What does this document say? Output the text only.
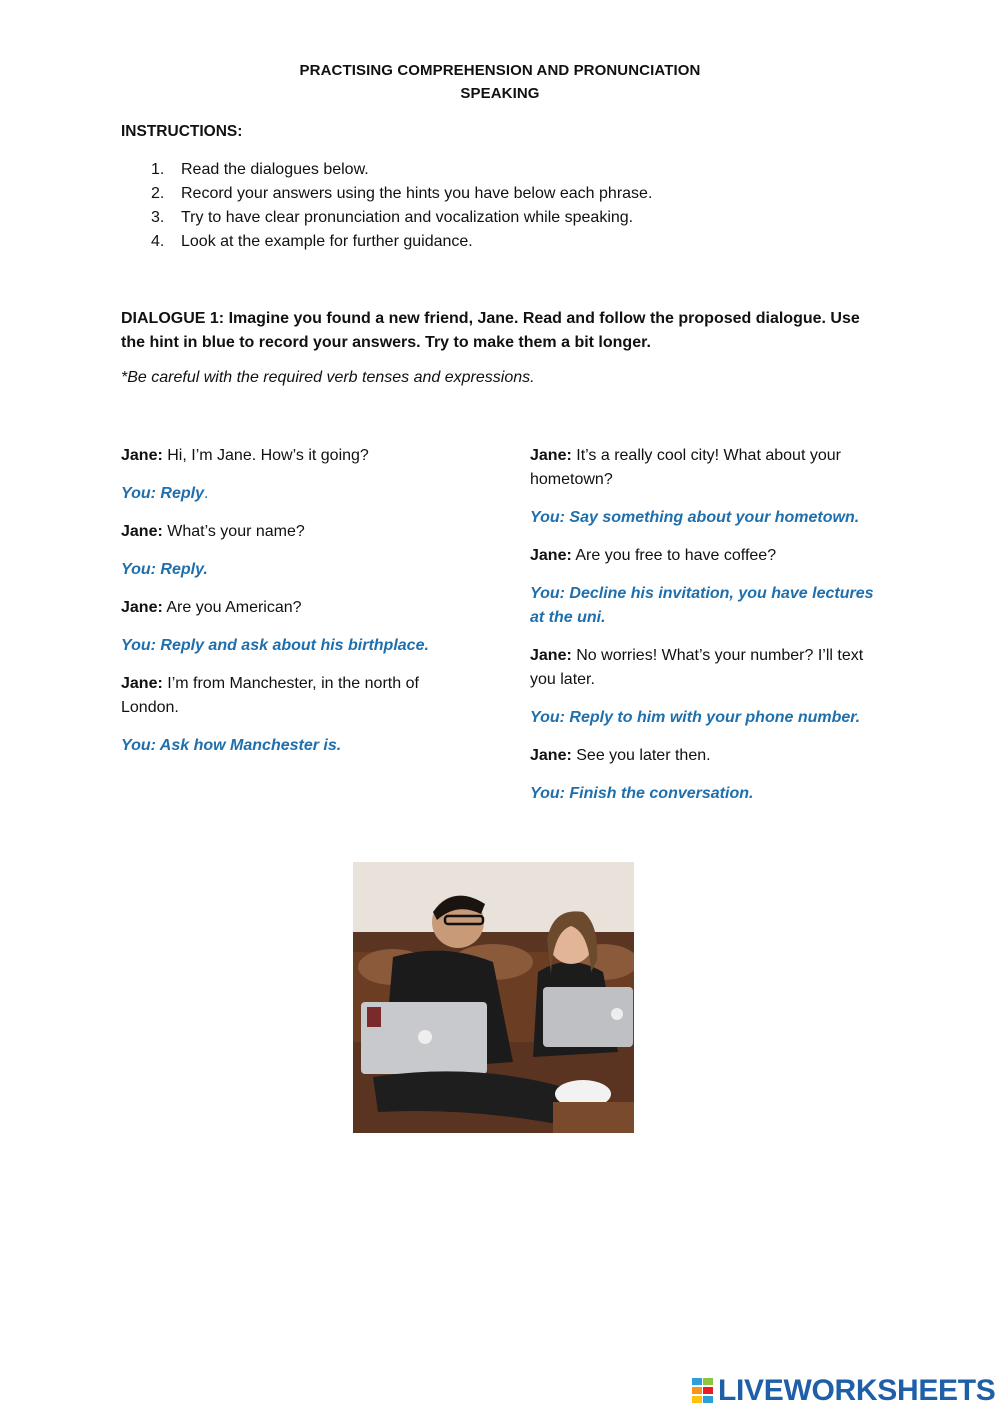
PRACTISING COMPREHENSION AND PRONUNCIATION
SPEAKING
INSTRUCTIONS:
1. Read the dialogues below.
2. Record your answers using the hints you have below each phrase.
3. Try to have clear pronunciation and vocalization while speaking.
4. Look at the example for further guidance.
DIALOGUE 1: Imagine you found a new friend, Jane. Read and follow the proposed dialogue. Use the hint in blue to record your answers. Try to make them a bit longer.
*Be careful with the required verb tenses and expressions.

Jane: Hi, I’m Jane. How’s it going?

You: Reply.

Jane: What’s your name?

You: Reply.

Jane: Are you American?

You: Reply and ask about his birthplace.

Jane: I’m from Manchester, in the north of London.

You: Ask how Manchester is.

Jane: It’s a really cool city! What about your hometown?

You: Say something about your hometown.

Jane: Are you free to have coffee?

You: Decline his invitation, you have lectures at the uni.

Jane: No worries! What’s your number? I’ll text you later.

You: Reply to him with your phone number.

Jane: See you later then.

You: Finish the conversation.

LIVEWORKSHEETS
